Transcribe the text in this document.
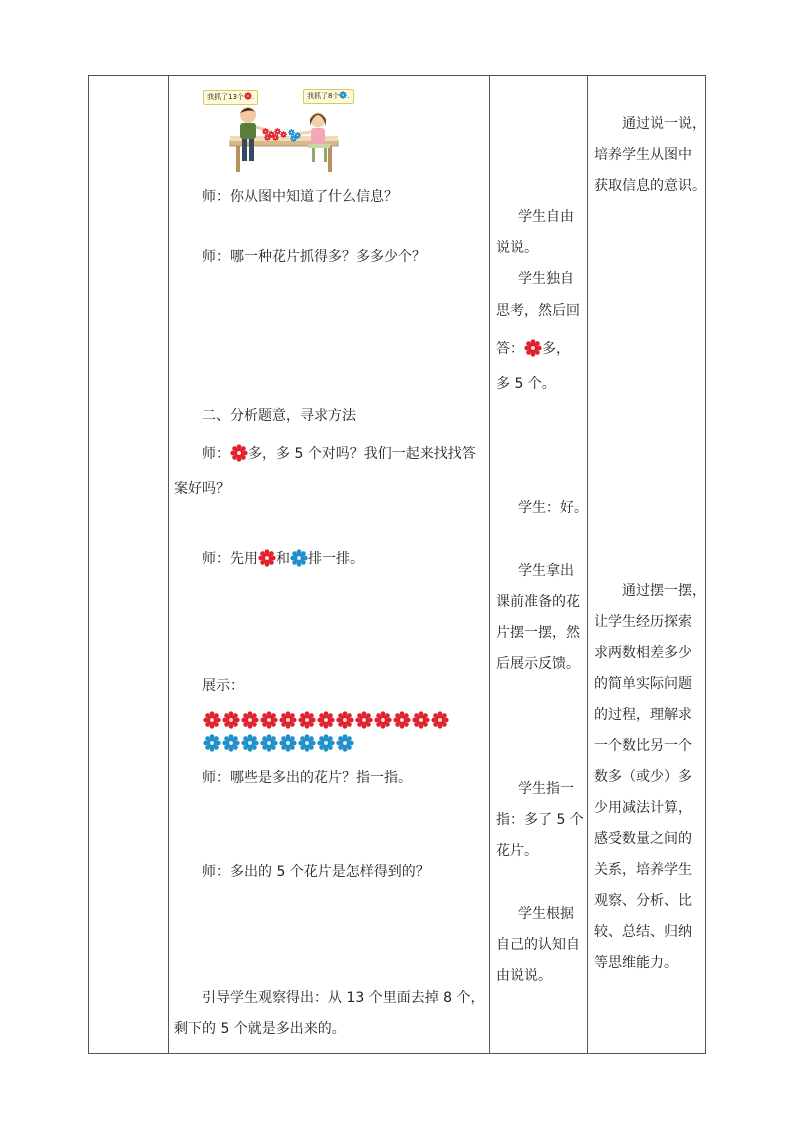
我抓了13个 .	我抓了8个 .
师：你从图中知道了什么信息？
师：哪一种花片抓得多？多多少个？
二、分析题意，寻求方法
师： 多，多 5 个对吗？我们一起来找找答
案好吗？
师：先用 和 排一排。
展示：
师：哪些是多出的花片？指一指。
师：多出的 5 个花片是怎样得到的？
引导学生观察得出：从 13 个里面去掉 8 个，
剩下的 5 个就是多出来的。
学生自由
说说。
学生独自
思考，然后回
答： 多，
多 5 个。
学生：好。
学生拿出
课前准备的花
片摆一摆，然
后展示反馈。
学生指一
指：多了 5 个
花片。
学生根据
自己的认知自
由说说。
通过说一说，
培养学生从图中
获取信息的意识。
通过摆一摆，
让学生经历探索
求两数相差多少
的简单实际问题
的过程，理解求
一个数比另一个
数多（或少）多
少用减法计算，
感受数量之间的
关系，培养学生
观察、分析、比
较、总结、归纳
等思维能力。
